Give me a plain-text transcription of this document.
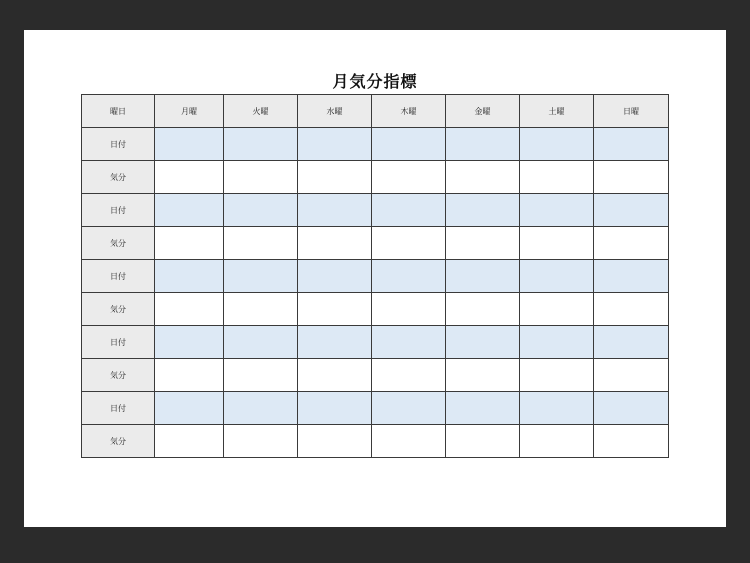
月気分指標
曜日	月曜	火曜	水曜	木曜	金曜	土曜	日曜
日付							
気分							
日付							
気分							
日付							
気分							
日付							
気分							
日付							
気分							
